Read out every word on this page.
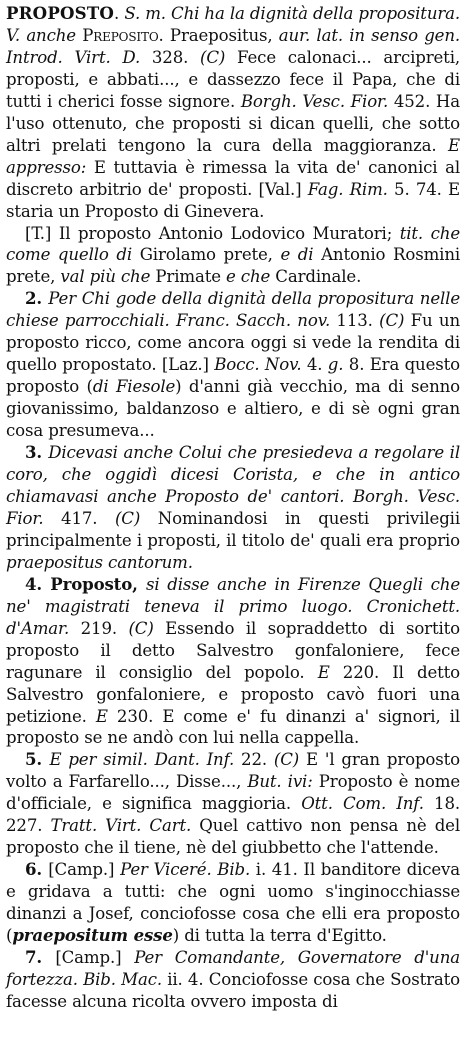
PROPOSTO. S. m. Chi ha la dignità della propositura. V. anche Preposito. Praepositus, aur. lat. in senso gen. Introd. Virt. D. 328. (C) Fece calonaci... arcipreti, proposti, e abbati..., e dassezzo fece il Papa, che di tutti i cherici fosse signore. Borgh. Vesc. Fior. 452. Ha l'uso ottenuto, che proposti si dican quelli, che sotto altri prelati tengono la cura della maggioranza. E appresso: E tuttavia è rimessa la vita de' canonici al discreto arbitrio de' proposti. [Val.] Fag. Rim. 5. 74. E staria un Proposto di Ginevera.

[T.] Il proposto Antonio Lodovico Muratori; tit. che come quello di Girolamo prete, e di Antonio Rosmini prete, val più che Primate e che Cardinale.

2. Per Chi gode della dignità della propositura nelle chiese parrocchiali. Franc. Sacch. nov. 113. (C) Fu un proposto ricco, come ancora oggi si vede la rendita di quello propostato. [Laz.] Bocc. Nov. 4. g. 8. Era questo proposto (di Fiesole) d'anni già vecchio, ma di senno giovanissimo, baldanzoso e altiero, e di sè ogni gran cosa presumeva...

3. Dicevasi anche Colui che presiedeva a regolare il coro, che oggidì dicesi Corista, e che in antico chiamavasi anche Proposto de' cantori. Borgh. Vesc. Fior. 417. (C) Nominandosi in questi privilegii principalmente i proposti, il titolo de' quali era proprio praepositus cantorum.

4. Proposto, si disse anche in Firenze Quegli che ne' magistrati teneva il primo luogo. Cronichett. d'Amar. 219. (C) Essendo il sopraddetto di sortito proposto il detto Salvestro gonfaloniere, fece ragunare il consiglio del popolo. E 220. Il detto Salvestro gonfaloniere, e proposto cavò fuori una petizione. E 230. E come e' fu dinanzi a' signori, il proposto se ne andò con lui nella cappella.

5. E per simil. Dant. Inf. 22. (C) E 'l gran proposto volto a Farfarello..., Disse..., But. ivi: Proposto è nome d'officiale, e significa maggioria. Ott. Com. Inf. 18. 227. Tratt. Virt. Cart. Quel cattivo non pensa nè del proposto che il tiene, nè del giubbetto che l'attende.

6. [Camp.] Per Viceré. Bib. i. 41. Il banditore diceva e gridava a tutti: che ogni uomo s'inginocchiasse dinanzi a Josef, conciofosse cosa che elli era proposto (praepositum esse) di tutta la terra d'Egitto.

7. [Camp.] Per Comandante, Governatore d'una fortezza. Bib. Mac. ii. 4. Conciofosse cosa che Sostrato facesse alcuna ricolta ovvero imposta di
